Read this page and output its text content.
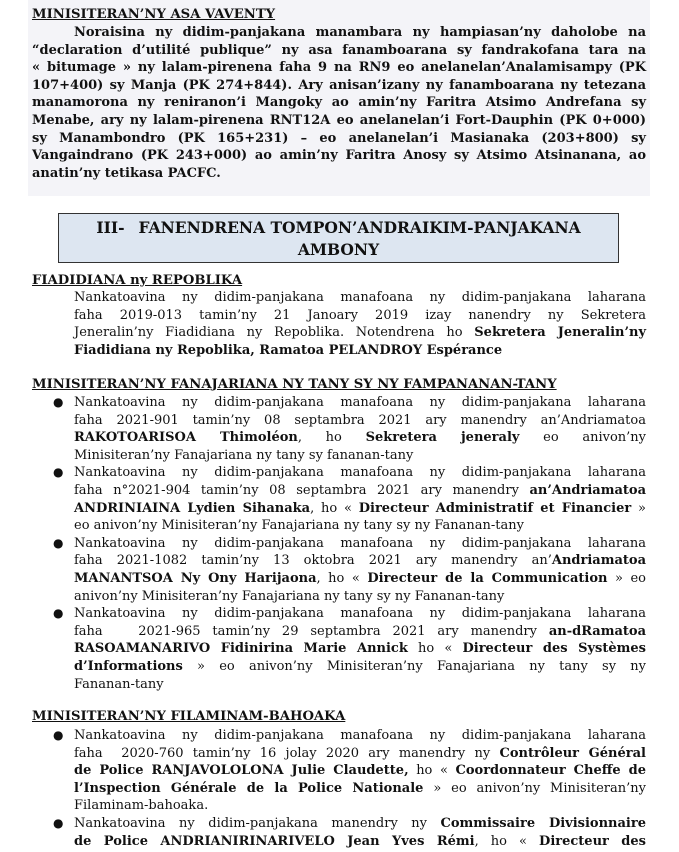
MINISITERAN’NY ASA VAVENTY

Noraisina ny didim-panjakana manambara ny hampiasan’ny daholobe na
“declaration d’utilité publique” ny asa fanamboarana sy fandrakofana tara na
« bitumage » ny lalam-pirenena faha 9 na RN9 eo anelanelan’Analamisampy (PK
107+400) sy Manja (PK 274+844). Ary anisan’izany ny fanamboarana ny tetezana
manamorona ny reniranon’i Mangoky ao amin’ny Faritra Atsimo Andrefana sy
Menabe, ary ny lalam-pirenena RNT12A eo anelanelan’i Fort-Dauphin (PK 0+000)
sy Manambondro (PK 165+231) – eo anelanelan’i Masianaka (203+800) sy
Vangaindrano (PK 243+000) ao amin’ny Faritra Anosy sy Atsimo Atsinanana, ao
anatin’ny tetikasa PACFC.

III- FANENDRENA TOMPON’ANDRAIKIM-PANJAKANA
AMBONY

FIADIDIANA ny REPOBLIKA

Nankatoavina ny didim-panjakana manafoana ny didim-panjakana laharana
faha 2019-013 tamin’ny 21 Janoary 2019 izay nanendry ny Sekretera
Jeneralin’ny Fiadidiana ny Repoblika. Notendrena ho Sekretera Jeneralin’ny
Fiadidiana ny Repoblika, Ramatoa PELANDROY Espérance

MINISITERAN’NY FANAJARIANA NY TANY SY NY FAMPANANAN-TANY

● Nankatoavina ny didim-panjakana manafoana ny didim-panjakana laharana
faha 2021-901 tamin’ny 08 septambra 2021 ary manendry an’Andriamatoa
RAKOTOARISOA Thimoléon, ho Sekretera jeneraly eo anivon’ny
Minisiteran’ny Fanajariana ny tany sy fananan-tany
● Nankatoavina ny didim-panjakana manafoana ny didim-panjakana laharana
faha n°2021-904 tamin’ny 08 septambra 2021 ary manendry an’Andriamatoa
ANDRINIAINA Lydien Sihanaka, ho « Directeur Administratif et Financier »
eo anivon’ny Minisiteran’ny Fanajariana ny tany sy ny Fananan-tany
● Nankatoavina ny didim-panjakana manafoana ny didim-panjakana laharana
faha 2021-1082 tamin’ny 13 oktobra 2021 ary manendry an’Andriamatoa
MANANTSOA Ny Ony Harijaona, ho « Directeur de la Communication » eo
anivon’ny Minisiteran’ny Fanajariana ny tany sy ny Fananan-tany
● Nankatoavina ny didim-panjakana manafoana ny didim-panjakana laharana
faha   2021-965 tamin’ny 29 septambra 2021 ary manendry an-dRamatoa
RASOAMANARIVO Fidinirina Marie Annick ho « Directeur des Systèmes
d’Informations » eo anivon’ny Minisiteran’ny Fanajariana ny tany sy ny
Fananan-tany

MINISITERAN’NY FILAMINAM-BAHOAKA

● Nankatoavina ny didim-panjakana manafoana ny didim-panjakana laharana
faha  2020-760 tamin’ny 16 jolay 2020 ary manendry ny Contrôleur Général
de Police RANJAVOLOLONA Julie Claudette, ho « Coordonnateur Cheffe de
l’Inspection Générale de la Police Nationale » eo anivon’ny Minisiteran’ny
Filaminam-bahoaka.
● Nankatoavina ny didim-panjakana manendry ny Commissaire Divisionnaire
de Police ANDRIANIRINARIVELO Jean Yves Rémi, ho « Directeur des
